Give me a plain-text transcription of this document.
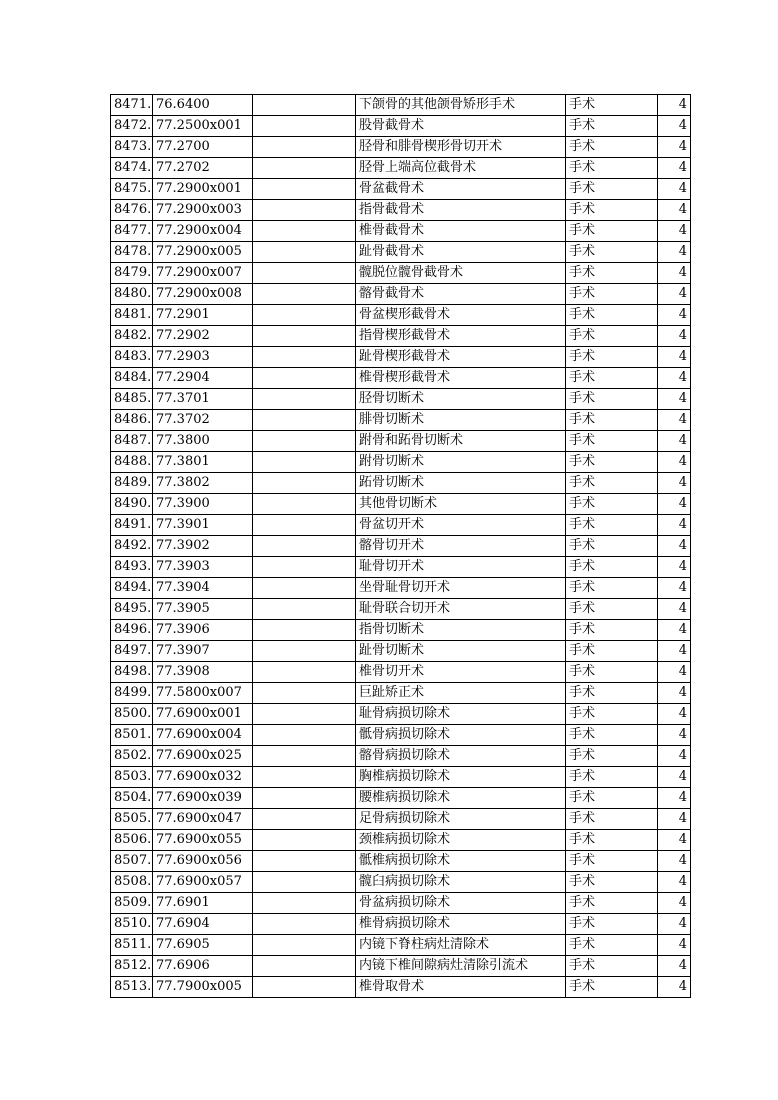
8471.	76.6400		下颌骨的其他颌骨矫形手术	手术	4
8472.	77.2500x001		股骨截骨术	手术	4
8473.	77.2700		胫骨和腓骨楔形骨切开术	手术	4
8474.	77.2702		胫骨上端高位截骨术	手术	4
8475.	77.2900x001		骨盆截骨术	手术	4
8476.	77.2900x003		指骨截骨术	手术	4
8477.	77.2900x004		椎骨截骨术	手术	4
8478.	77.2900x005		趾骨截骨术	手术	4
8479.	77.2900x007		髋脱位髋骨截骨术	手术	4
8480.	77.2900x008		髂骨截骨术	手术	4
8481.	77.2901		骨盆楔形截骨术	手术	4
8482.	77.2902		指骨楔形截骨术	手术	4
8483.	77.2903		趾骨楔形截骨术	手术	4
8484.	77.2904		椎骨楔形截骨术	手术	4
8485.	77.3701		胫骨切断术	手术	4
8486.	77.3702		腓骨切断术	手术	4
8487.	77.3800		跗骨和跖骨切断术	手术	4
8488.	77.3801		跗骨切断术	手术	4
8489.	77.3802		跖骨切断术	手术	4
8490.	77.3900		其他骨切断术	手术	4
8491.	77.3901		骨盆切开术	手术	4
8492.	77.3902		髂骨切开术	手术	4
8493.	77.3903		耻骨切开术	手术	4
8494.	77.3904		坐骨耻骨切开术	手术	4
8495.	77.3905		耻骨联合切开术	手术	4
8496.	77.3906		指骨切断术	手术	4
8497.	77.3907		趾骨切断术	手术	4
8498.	77.3908		椎骨切开术	手术	4
8499.	77.5800x007		巨趾矫正术	手术	4
8500.	77.6900x001		耻骨病损切除术	手术	4
8501.	77.6900x004		骶骨病损切除术	手术	4
8502.	77.6900x025		髂骨病损切除术	手术	4
8503.	77.6900x032		胸椎病损切除术	手术	4
8504.	77.6900x039		腰椎病损切除术	手术	4
8505.	77.6900x047		足骨病损切除术	手术	4
8506.	77.6900x055		颈椎病损切除术	手术	4
8507.	77.6900x056		骶椎病损切除术	手术	4
8508.	77.6900x057		髋臼病损切除术	手术	4
8509.	77.6901		骨盆病损切除术	手术	4
8510.	77.6904		椎骨病损切除术	手术	4
8511.	77.6905		内镜下脊柱病灶清除术	手术	4
8512.	77.6906		内镜下椎间隙病灶清除引流术	手术	4
8513.	77.7900x005		椎骨取骨术	手术	4
